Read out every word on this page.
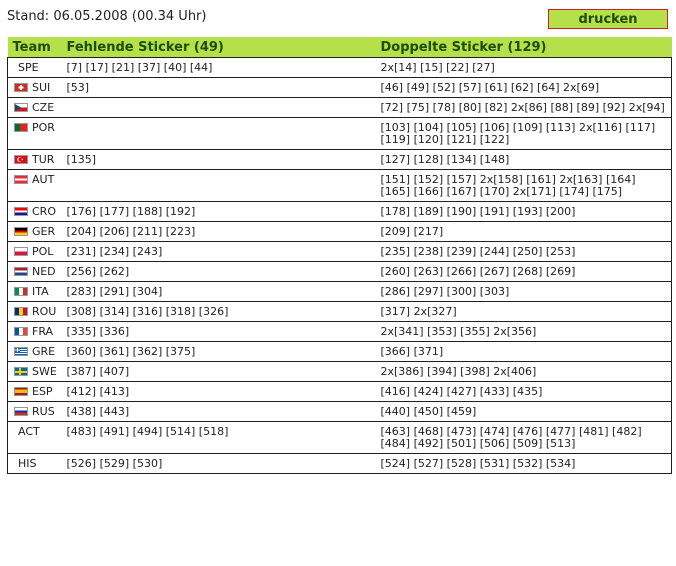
Stand: 06.05.2008 (00.34 Uhr)	drucken
Team	Fehlende Sticker (49)	Doppelte Sticker (129)
SPE	[7] [17] [21] [37] [40] [44]	2x[14] [15] [22] [27]

SUI	[53]	[46] [49] [52] [57] [61] [62] [64] 2x[69]

CZE		[72] [75] [78] [80] [82] 2x[86] [88] [89] [92] 2x[94]
POR		[103] [104] [105] [106] [109] [113] 2x[116] [117] [119] [120] [121] [122]

TUR	[135]	[127] [128] [134] [148]
AUT		[151] [152] [157] 2x[158] [161] 2x[163] [164] [165] [166] [167] [170] 2x[171] [174] [175]
CRO	[176] [177] [188] [192]	[178] [189] [190] [191] [193] [200]
GER	[204] [206] [211] [223]	[209] [217]
POL	[231] [234] [243]	[235] [238] [239] [244] [250] [253]
NED	[256] [262]	[260] [263] [266] [267] [268] [269]
ITA	[283] [291] [304]	[286] [297] [300] [303]
ROU	[308] [314] [316] [318] [326]	[317] 2x[327]
FRA	[335] [336]	2x[341] [353] [355] 2x[356]

GRE	[360] [361] [362] [375]	[366] [371]
SWE	[387] [407]	2x[386] [394] [398] 2x[406]
ESP	[412] [413]	[416] [424] [427] [433] [435]
RUS	[438] [443]	[440] [450] [459]
ACT	[483] [491] [494] [514] [518]	[463] [468] [473] [474] [476] [477] [481] [482] [484] [492] [501] [506] [509] [513]
HIS	[526] [529] [530]	[524] [527] [528] [531] [532] [534]
